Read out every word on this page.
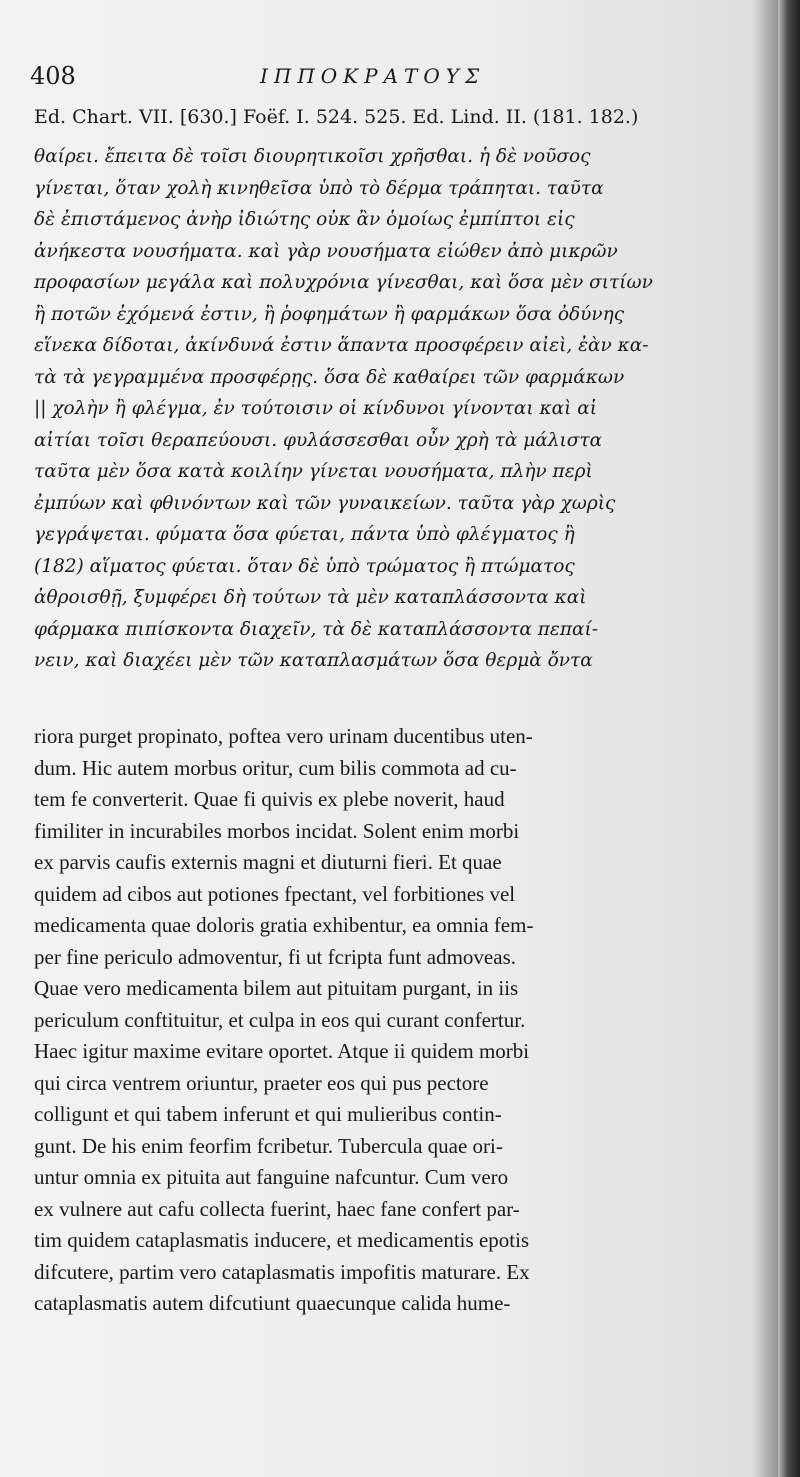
408	ΙΠΠΟΚΡΑΤΟΥΣ
Ed. Chart. VII. [630.] Foëf. I. 524. 525. Ed. Lind. II. (181. 182.)
θαίρει. ἔπειτα δὲ τοῖσι διουρητικοῖσι χρῆσθαι. ἡ δὲ νοῦσος
γίνεται, ὅταν χολὴ κινηθεῖσα ὑπὸ τὸ δέρμα τράπηται. ταῦτα
δὲ ἐπιστάμενος ἀνὴρ ἰδιώτης οὐκ ἂν ὁμοίως ἐμπίπτοι εἰς
ἀνήκεστα νουσήματα. καὶ γὰρ νουσήματα εἰώθεν ἀπὸ μικρῶν
προφασίων μεγάλα καὶ πολυχρόνια γίνεσθαι, καὶ ὅσα μὲν σιτίων
ἢ ποτῶν ἐχόμενά ἐστιν, ἢ ῥοφημάτων ἢ φαρμάκων ὅσα ὀδύνης
εἵνεκα δίδοται, ἀκίνδυνά ἐστιν ἅπαντα προσφέρειν αἰεὶ, ἐὰν κα-
τὰ τὰ γεγραμμένα προσφέρῃς. ὅσα δὲ καθαίρει τῶν φαρμάκων
|| χολὴν ἢ φλέγμα, ἐν τούτοισιν οἱ κίνδυνοι γίνονται καὶ αἱ
αἰτίαι τοῖσι θεραπεύουσι. φυλάσσεσθαι οὖν χρὴ τὰ μάλιστα
ταῦτα μὲν ὅσα κατὰ κοιλίην γίνεται νουσήματα, πλὴν περὶ
ἐμπύων καὶ φθινόντων καὶ τῶν γυναικείων. ταῦτα γὰρ χωρὶς
γεγράψεται. φύματα ὅσα φύεται, πάντα ὑπὸ φλέγματος ἢ
(182) αἵματος φύεται. ὅταν δὲ ὑπὸ τρώματος ἢ πτώματος
ἀθροισθῇ, ξυμφέρει δὴ τούτων τὰ μὲν καταπλάσσοντα καὶ
φάρμακα πιπίσκοντα διαχεῖν, τὰ δὲ καταπλάσσοντα πεπαί-
νειν, καὶ διαχέει μὲν τῶν καταπλασμάτων ὅσα θερμὰ ὄντα
riora purget propinato, poftea vero urinam ducentibus uten-
dum. Hic autem morbus oritur, cum bilis commota ad cu-
tem fe converterit. Quae fi quivis ex plebe noverit, haud
fimiliter in incurabiles morbos incidat. Solent enim morbi
ex parvis caufis externis magni et diuturni fieri. Et quae
quidem ad cibos aut potiones fpectant, vel forbitiones vel
medicamenta quae doloris gratia exhibentur, ea omnia fem-
per fine periculo admoventur, fi ut fcripta funt admoveas.
Quae vero medicamenta bilem aut pituitam purgant, in iis
periculum conftituitur, et culpa in eos qui curant confertur.
Haec igitur maxime evitare oportet. Atque ii quidem morbi
qui circa ventrem oriuntur, praeter eos qui pus pectore
colligunt et qui tabem inferunt et qui mulieribus contin-
gunt. De his enim feorfim fcribetur. Tubercula quae ori-
untur omnia ex pituita aut fanguine nafcuntur. Cum vero
ex vulnere aut cafu collecta fuerint, haec fane confert par-
tim quidem cataplasmatis inducere, et medicamentis epotis
difcutere, partim vero cataplasmatis impofitis maturare. Ex
cataplasmatis autem difcutiunt quaecunque calida hume-
